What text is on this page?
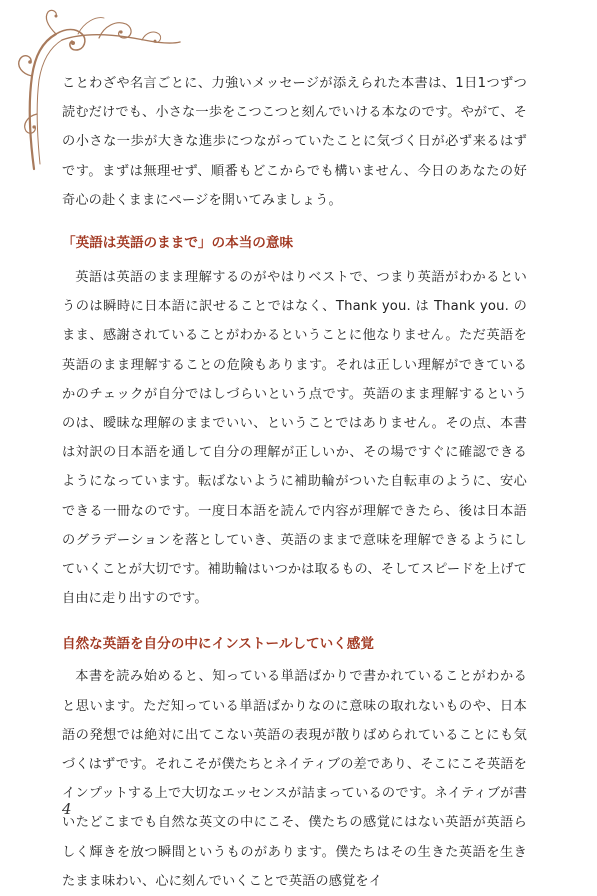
ことわざや名言ごとに、力強いメッセージが添えられた本書は、1日1つずつ読むだけでも、小さな一歩をこつこつと刻んでいける本なのです。やがて、その小さな一歩が大きな進歩につながっていたことに気づく日が必ず来るはずです。まずは無理せず、順番もどこからでも構いません、今日のあなたの好奇心の赴くままにページを開いてみましょう。

「英語は英語のままで」の本当の意味

英語は英語のまま理解するのがやはりベストで、つまり英語がわかるというのは瞬時に日本語に訳せることではなく、Thank you. は Thank you. のまま、感謝されていることがわかるということに他なりません。ただ英語を英語のまま理解することの危険もあります。それは正しい理解ができているかのチェックが自分ではしづらいという点です。英語のまま理解するというのは、曖昧な理解のままでいい、ということではありません。その点、本書は対訳の日本語を通して自分の理解が正しいか、その場ですぐに確認できるようになっています。転ばないように補助輪がついた自転車のように、安心できる一冊なのです。一度日本語を読んで内容が理解できたら、後は日本語のグラデーションを落としていき、英語のままで意味を理解できるようにしていくことが大切です。補助輪はいつかは取るもの、そしてスピードを上げて自由に走り出すのです。

自然な英語を自分の中にインストールしていく感覚

本書を読み始めると、知っている単語ばかりで書かれていることがわかると思います。ただ知っている単語ばかりなのに意味の取れないものや、日本語の発想では絶対に出てこない英語の表現が散りばめられていることにも気づくはずです。それこそが僕たちとネイティブの差であり、そこにこそ英語をインプットする上で大切なエッセンスが詰まっているのです。ネイティブが書いたどこまでも自然な英文の中にこそ、僕たちの感覚にはない英語が英語らしく輝きを放つ瞬間というものがあります。僕たちはその生きた英語を生きたまま味わい、心に刻んでいくことで英語の感覚をイ

4
